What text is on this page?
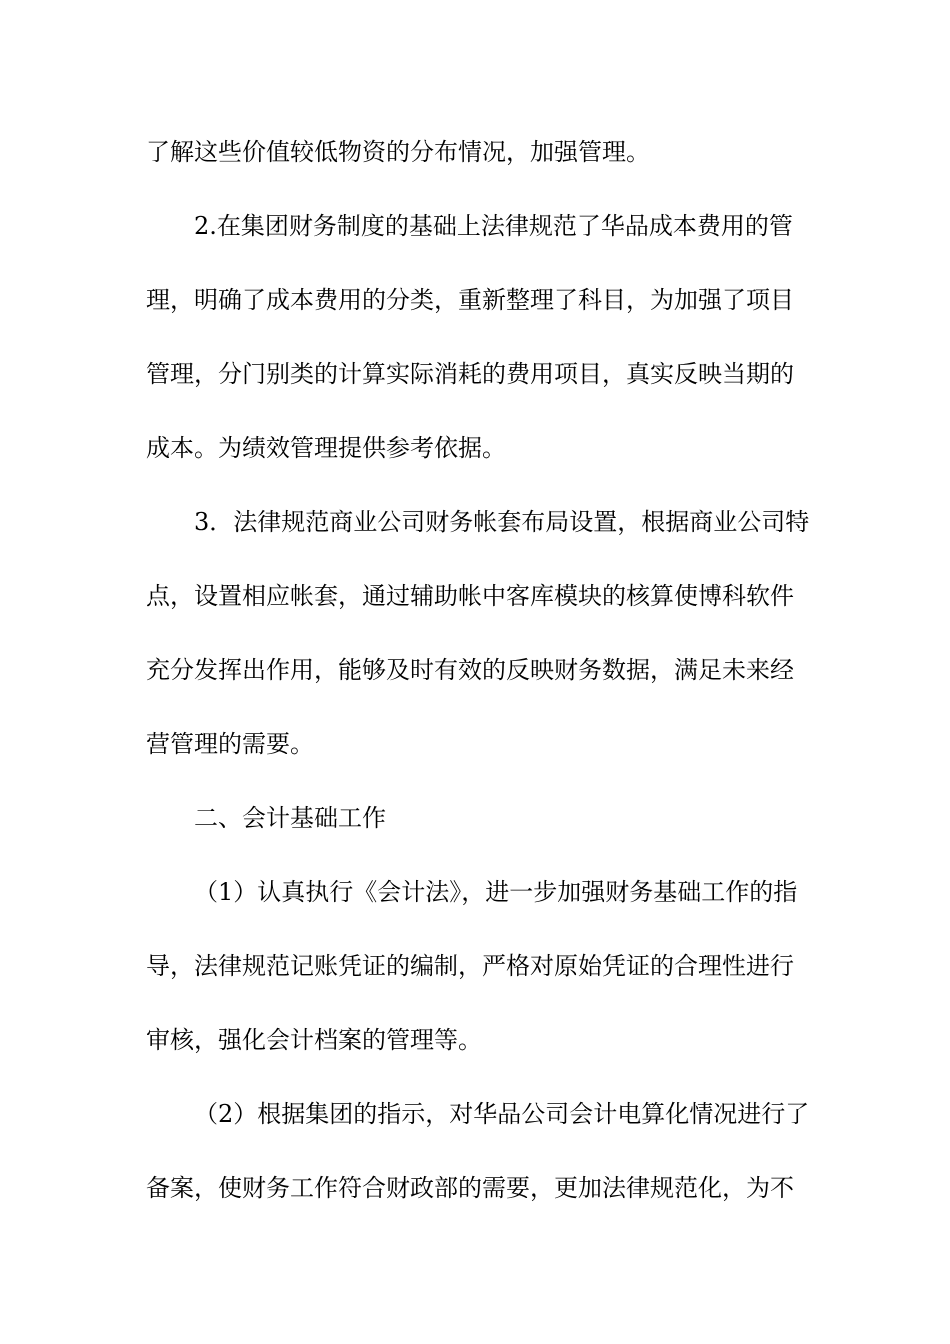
了解这些价值较低物资的分布情况，加强管理。

2.在集团财务制度的基础上法律规范了华品成本费用的管

理，明确了成本费用的分类，重新整理了科目，为加强了项目

管理，分门别类的计算实际消耗的费用项目，真实反映当期的

成本。为绩效管理提供参考依据。

3．法律规范商业公司财务帐套布局设置，根据商业公司特

点，设置相应帐套，通过辅助帐中客库模块的核算使博科软件

充分发挥出作用，能够及时有效的反映财务数据，满足未来经

营管理的需要。

二、会计基础工作

（1）认真执行《会计法》，进一步加强财务基础工作的指

导，法律规范记账凭证的编制，严格对原始凭证的合理性进行

审核，强化会计档案的管理等。

（2）根据集团的指示，对华品公司会计电算化情况进行了

备案，使财务工作符合财政部的需要，更加法律规范化，为不
